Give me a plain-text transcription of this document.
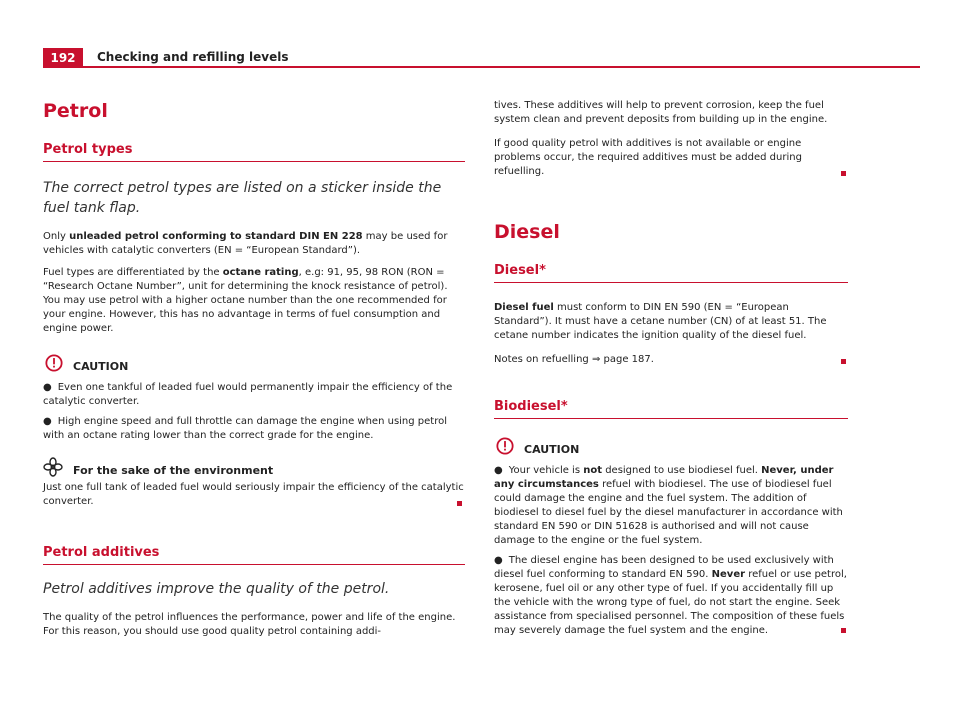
192	Checking and refilling levels
Petrol
Petrol types

The correct petrol types are listed on a sticker inside the fuel tank flap.

Only unleaded petrol conforming to standard DIN EN 228 may be used for vehicles with catalytic converters (EN = “European Standard”).

Fuel types are differentiated by the octane rating, e.g: 91, 95, 98 RON (RON = “Research Octane Number”, unit for determining the knock resistance of petrol). You may use petrol with a higher octane number than the one recommended for your engine. However, this has no advantage in terms of fuel consumption and engine power.

CAUTION

● Even one tankful of leaded fuel would permanently impair the efficiency of the catalytic converter.

● High engine speed and full throttle can damage the engine when using petrol with an octane rating lower than the correct grade for the engine.

For the sake of the environment

Just one full tank of leaded fuel would seriously impair the efficiency of the catalytic converter.

Petrol additives

Petrol additives improve the quality of the petrol.

The quality of the petrol influences the performance, power and life of the engine. For this reason, you should use good quality petrol containing addi-

tives. These additives will help to prevent corrosion, keep the fuel system clean and prevent deposits from building up in the engine.

If good quality petrol with additives is not available or engine problems occur, the required additives must be added during refuelling.

Diesel
Diesel*

Diesel fuel must conform to DIN EN 590 (EN = “European Standard”). It must have a cetane number (CN) of at least 51. The cetane number indicates the ignition quality of the diesel fuel.

Notes on refuelling ⇒ page 187.

Biodiesel*
CAUTION

● Your vehicle is not designed to use biodiesel fuel. Never, under any circumstances refuel with biodiesel. The use of biodiesel fuel could damage the engine and the fuel system. The addition of biodiesel to diesel fuel by the diesel manufacturer in accordance with standard EN 590 or DIN 51628 is authorised and will not cause damage to the engine or the fuel system.

● The diesel engine has been designed to be used exclusively with diesel fuel conforming to standard EN 590. Never refuel or use petrol, kerosene, fuel oil or any other type of fuel. If you accidentally fill up the vehicle with the wrong type of fuel, do not start the engine. Seek assistance from specialised personnel. The composition of these fuels may severely damage the fuel system and the engine.
